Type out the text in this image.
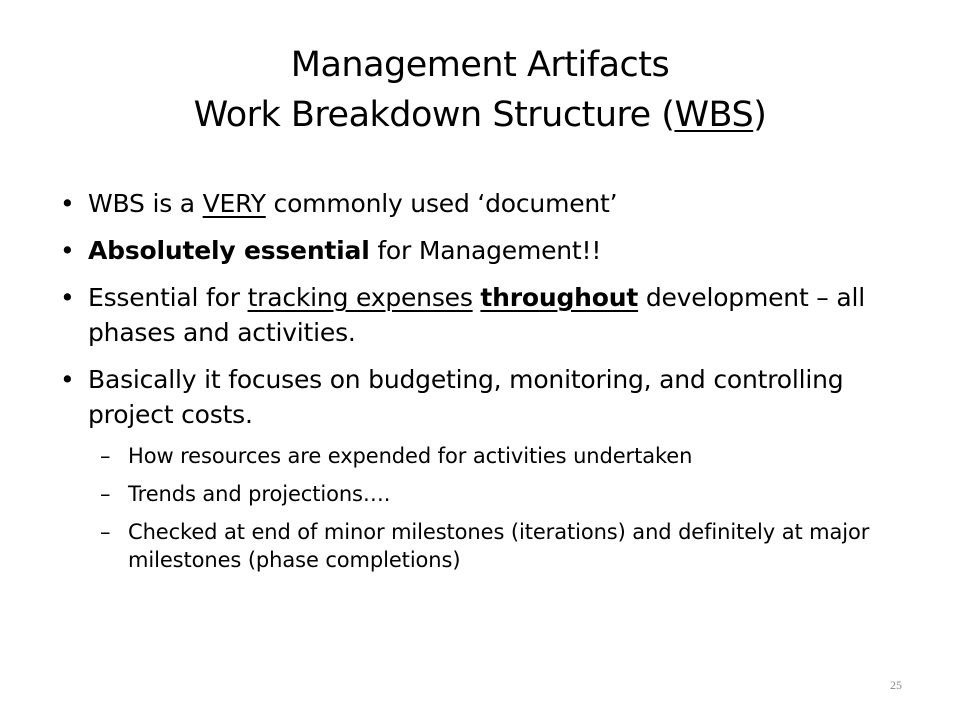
Management Artifacts
Work Breakdown Structure (WBS)
• WBS is a VERY commonly used ‘document’
• Absolutely essential for Management!!
• Essential for tracking expenses throughout development – all phases and activities.
• Basically it focuses on budgeting, monitoring, and controlling project costs.
– How resources are expended for activities undertaken
– Trends and projections….
– Checked at end of minor milestones (iterations) and definitely at major milestones (phase completions)
25
